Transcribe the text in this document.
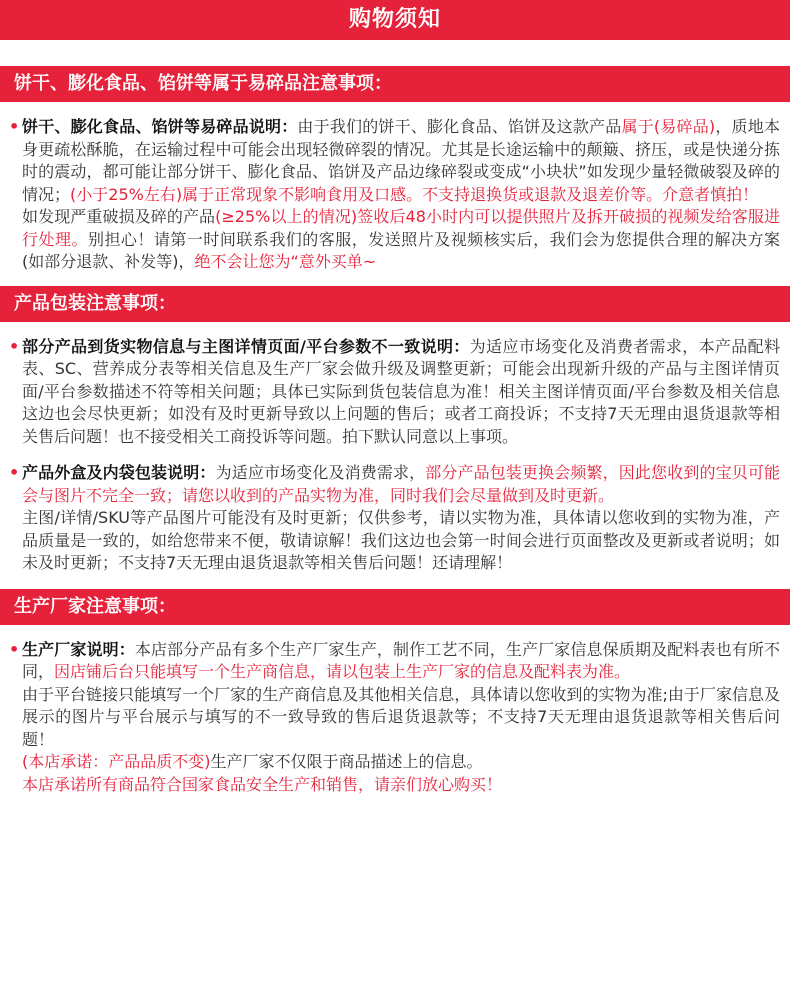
购物须知
饼干、膨化食品、馅饼等属于易碎品注意事项：
• 饼干、膨化食品、馅饼等易碎品说明：由于我们的饼干、膨化食品、馅饼及这款产品属于(易碎品)，质地本身更疏松酥脆，在运输过程中可能会出现轻微碎裂的情况。尤其是长途运输中的颠簸、挤压，或是快递分拣时的震动，都可能让部分饼干、膨化食品、馅饼及产品边缘碎裂或变成“小块状”如发现少量轻微破裂及碎的情况；(小于25%左右)属于正常现象不影响食用及口感。不支持退换货或退款及退差价等。介意者慎拍！

如发现严重破损及碎的产品(≥25%以上的情况)签收后48小时内可以提供照片及拆开破损的视频发给客服进行处理。别担心！请第一时间联系我们的客服，发送照片及视频核实后，我们会为您提供合理的解决方案(如部分退款、补发等)，绝不会让您为“意外买单~

产品包装注意事项：
• 部分产品到货实物信息与主图详情页面/平台参数不一致说明：为适应市场变化及消费者需求，本产品配料表、SC、营养成分表等相关信息及生产厂家会做升级及调整更新；可能会出现新升级的产品与主图详情页面/平台参数描述不符等相关问题；具体已实际到货包装信息为准！相关主图详情页面/平台参数及相关信息这边也会尽快更新；如没有及时更新导致以上问题的售后；或者工商投诉；不支持7天无理由退货退款等相关售后问题！也不接受相关工商投诉等问题。拍下默认同意以上事项。

• 产品外盒及内袋包装说明：为适应市场变化及消费需求，部分产品包装更换会频繁，因此您收到的宝贝可能会与图片不完全一致；请您以收到的产品实物为准，同时我们会尽量做到及时更新。

主图/详情/SKU等产品图片可能没有及时更新；仅供参考，请以实物为准，具体请以您收到的实物为准，产品质量是一致的，如给您带来不便，敬请谅解！我们这边也会第一时间会进行页面整改及更新或者说明；如未及时更新；不支持7天无理由退货退款等相关售后问题！还请理解！

生产厂家注意事项：
• 生产厂家说明：本店部分产品有多个生产厂家生产，制作工艺不同，生产厂家信息保质期及配料表也有所不同，因店铺后台只能填写一个生产商信息，请以包装上生产厂家的信息及配料表为准。

由于平台链接只能填写一个厂家的生产商信息及其他相关信息，具体请以您收到的实物为准;由于厂家信息及展示的图片与平台展示与填写的不一致导致的售后退货退款等；不支持7天无理由退货退款等相关售后问题！

(本店承诺：产品品质不变)生产厂家不仅限于商品描述上的信息。

本店承诺所有商品符合国家食品安全生产和销售，请亲们放心购买！
